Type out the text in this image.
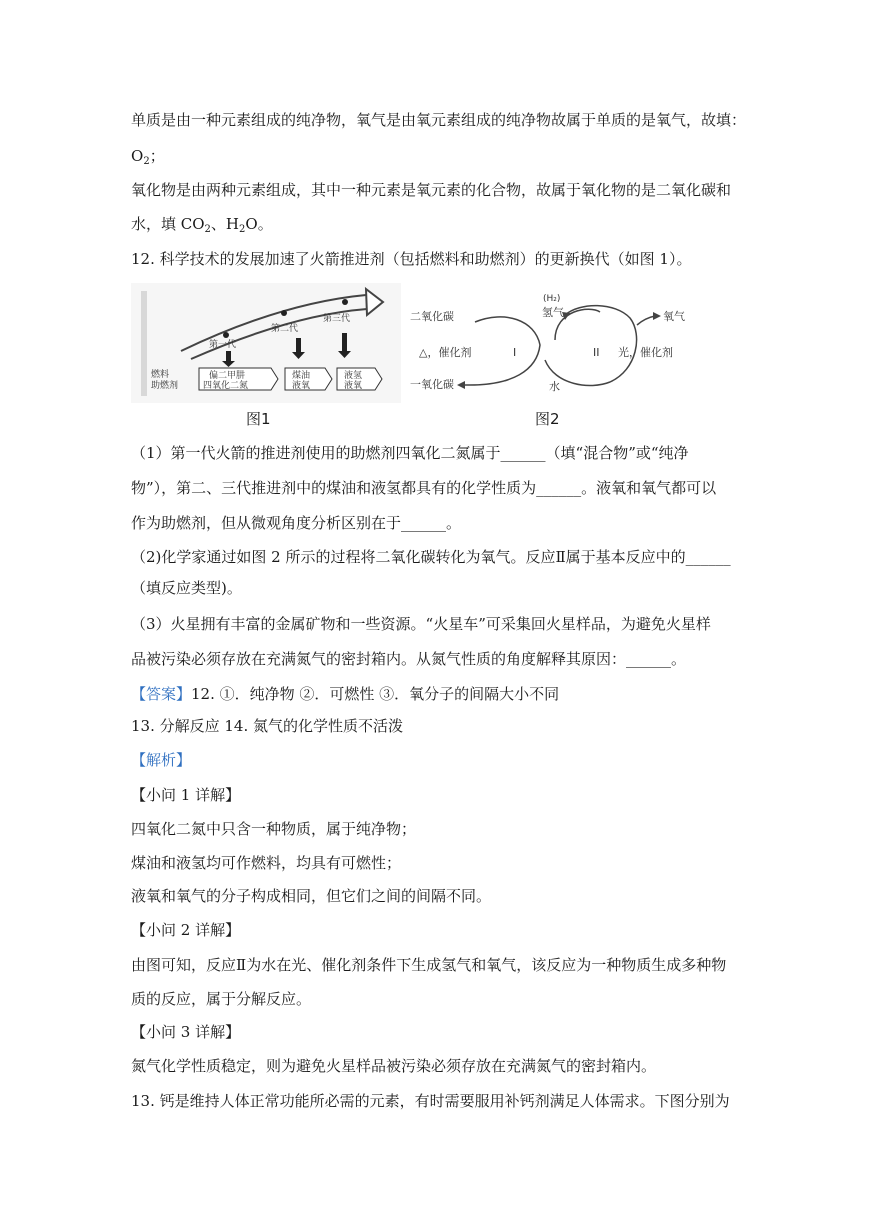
单质是由一种元素组成的纯净物，氧气是由氧元素组成的纯净物故属于单质的是氧气，故填：
$O_2$；
氧化物是由两种元素组成，其中一种元素是氧元素的化合物，故属于氧化物的是二氧化碳和
水，填 $CO_2$、$H_2O$。
12. 科学技术的发展加速了火箭推进剂（包括燃料和助燃剂）的更新换代（如图 1）。
第一代
第二代
第三代
燃料
助燃剂
偏二甲肼
四氧化二氮
煤油
液氧
液氢
液氧
图1
二氧化碳
一氧化碳
(H₂)
氢气	氧气
水
△，催化剂	光，催化剂
I	II
图2
（1）第一代火箭的推进剂使用的助燃剂四氧化二氮属于______（填“混合物”或“纯净
物”），第二、三代推进剂中的煤油和液氢都具有的化学性质为______。液氧和氧气都可以
作为助燃剂，但从微观角度分析区别在于______。
（2)化学家通过如图 2 所示的过程将二氧化碳转化为氧气。反应Ⅱ属于基本反应中的______
（填反应类型)。
（3）火星拥有丰富的金属矿物和一些资源。“火星车”可采集回火星样品，为避免火星样
品被污染必须存放在充满氮气的密封箱内。从氮气性质的角度解释其原因：______。
【答案】12. ①．纯净物 ②．可燃性 ③．氧分子的间隔大小不同
13. 分解反应 14. 氮气的化学性质不活泼
【解析】
【小问 1 详解】
四氧化二氮中只含一种物质，属于纯净物；
煤油和液氢均可作燃料，均具有可燃性；
液氧和氧气的分子构成相同，但它们之间的间隔不同。
【小问 2 详解】
由图可知，反应Ⅱ为水在光、催化剂条件下生成氢气和氧气，该反应为一种物质生成多种物
质的反应，属于分解反应。
【小问 3 详解】
氮气化学性质稳定，则为避免火星样品被污染必须存放在充满氮气的密封箱内。
13. 钙是维持人体正常功能所必需的元素，有时需要服用补钙剂满足人体需求。下图分别为
